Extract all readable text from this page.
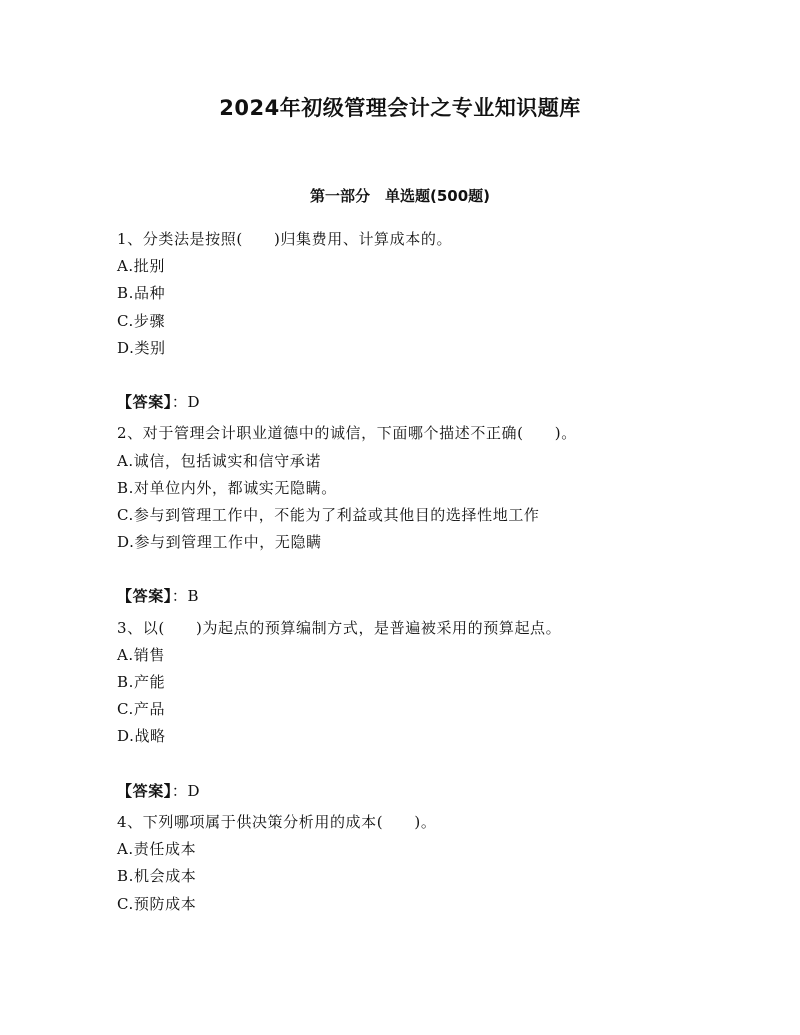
2024年初级管理会计之专业知识题库
第一部分　单选题(500题)
1、分类法是按照(　　)归集费用、计算成本的。
A.批别
B.品种
C.步骤
D.类别
【答案】：D
2、对于管理会计职业道德中的诚信，下面哪个描述不正确(　　)。
A.诚信，包括诚实和信守承诺
B.对单位内外，都诚实无隐瞒。
C.参与到管理工作中，不能为了利益或其他目的选择性地工作
D.参与到管理工作中，无隐瞒
【答案】：B
3、以(　　)为起点的预算编制方式，是普遍被采用的预算起点。
A.销售
B.产能
C.产品
D.战略
【答案】：D
4、下列哪项属于供决策分析用的成本(　　)。
A.责任成本
B.机会成本
C.预防成本
